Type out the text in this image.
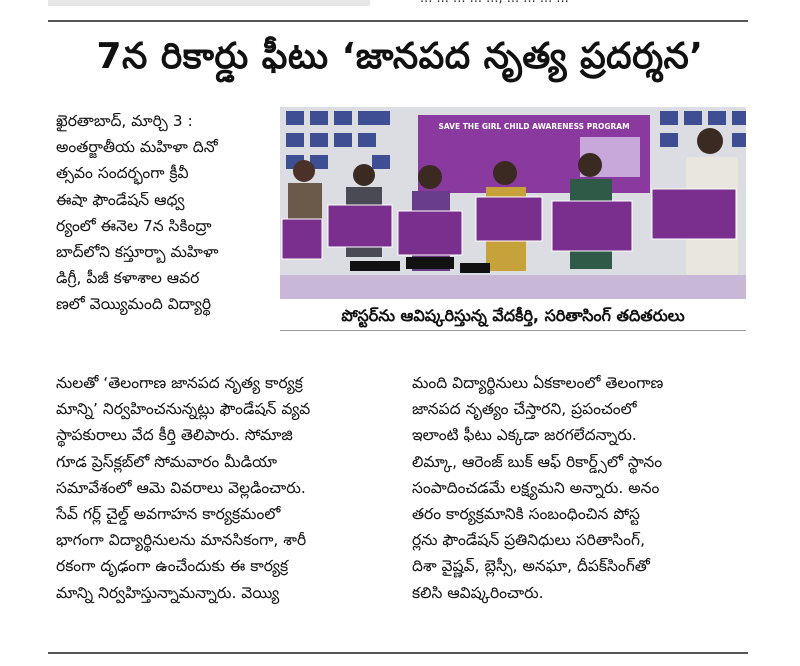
7న రికార్డు ఫీటు ‘జానపద నృత్య ప్రదర్శన’

ఖైరతాబాద్, మార్చి 3 :

అంతర్జాతీయ మహిళా దినో

త్సవం సందర్భంగా క్రీవీ

ఈషా ఫౌండేషన్ ఆధ్వ

ర్యంలో ఈనెల 7న సికింద్రా

బాద్‌లోని కస్తూర్బా మహిళా

డిగ్రీ, పీజీ కళాశాల ఆవర

ణలో వెయ్యిమంది విద్యార్థి

SAVE THE GIRL CHILD AWARENESS PROGRAM
పోస్టర్‌ను ఆవిష్కరిస్తున్న వేదకీర్తి, సరితాసింగ్ తదితరులు

నులతో ‘తెలంగాణ జానపద నృత్య కార్యక్ర

మాన్ని’ నిర్వహించనున్నట్లు ఫౌండేషన్ వ్యవ

స్థాపకురాలు వేద కీర్తి తెలిపారు. సోమాజి

గూడ ప్రెస్‌క్లబ్‌లో సోమవారం మీడియా

సమావేశంలో ఆమె వివరాలు వెల్లడించారు.

సేవ్ గర్ల్ చైల్డ్ అవగాహన కార్యక్రమంలో

భాగంగా విద్యార్థినులను మానసికంగా, శారీ

రకంగా దృఢంగా ఉంచేందుకు ఈ కార్యక్ర

మాన్ని నిర్వహిస్తున్నామన్నారు. వెయ్యి

మంది విద్యార్థినులు ఏకకాలంలో తెలంగాణ

జానపద నృత్యం చేస్తారని, ప్రపంచంలో

ఇలాంటి ఫీటు ఎక్కడా జరగలేదన్నారు.

లిమ్కా, ఆరెంజ్ బుక్ ఆఫ్ రికార్డ్స్‌లో స్థానం

సంపాదించడమే లక్ష్యమని అన్నారు. అనం

తరం కార్యక్రమానికి సంబంధించిన పోస్ట

ర్లను ఫౌండేషన్ ప్రతినిధులు సరితాసింగ్,

దిశా వైష్ణవ్, బ్లెస్సీ, అనఘా, దీపక్‌సింగ్‌తో

కలిసి ఆవిష్కరించారు.
